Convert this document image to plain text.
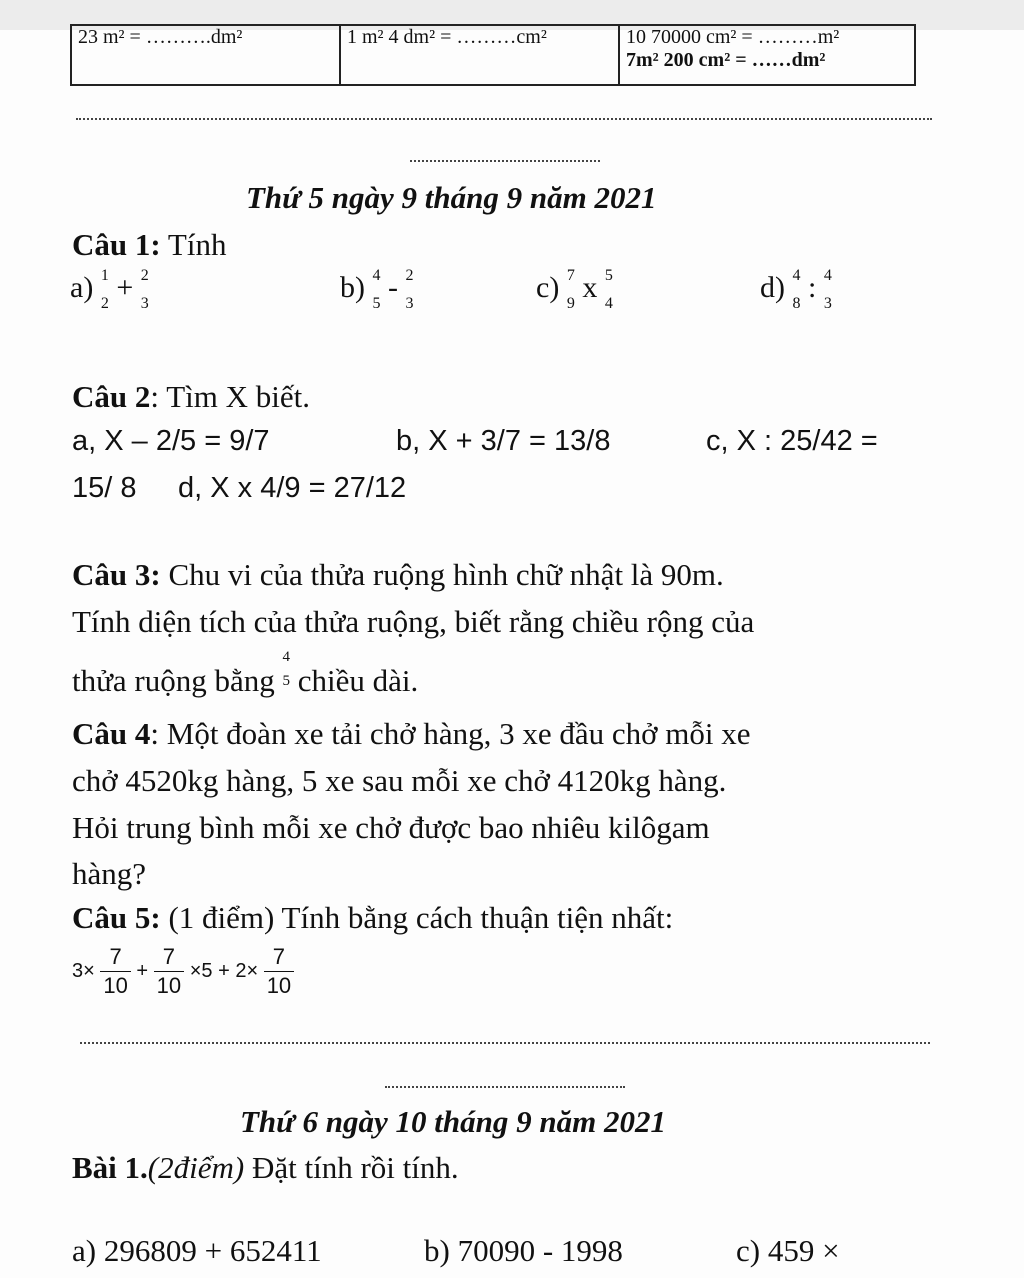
23 m² = ……….dm²	1 m² 4 dm² = ………cm²	10 70000 cm² = ………m²
7m² 200 cm² = ……dm²
Thứ 5 ngày 9 tháng 9 năm 2021
Câu 1: Tính
a) 1
2 + 2
3	b) 4
5 - 2
3	c) 7
9 x 5
4	d) 4
8 : 4
3
Câu 2: Tìm X biết.
a, X – 2/5 = 9/7	b, X + 3/7 = 13/8	c, X : 25/42 =
15/ 8 d, X x 4/9 = 27/12
Câu 3: Chu vi của thửa ruộng hình chữ nhật là 90m.
Tính diện tích của thửa ruộng, biết rằng chiều rộng của
thửa ruộng bằng
4
5 chiều dài.
Câu 4: Một đoàn xe tải chở hàng, 3 xe đầu chở mỗi xe
chở 4520kg hàng, 5 xe sau mỗi xe chở 4120kg hàng.
Hỏi trung bình mỗi xe chở được bao nhiêu kilôgam
hàng?
Câu 5: (1 điểm) Tính bằng cách thuận tiện nhất:
$3\times \frac{7}{10} + \frac{7}{10} \times 5 + 2\times \frac{7}{10}$
Thứ 6 ngày 10 tháng 9 năm 2021
Bài 1.(2điểm) Đặt tính rồi tính.
a) 296809 + 652411	b) 70090 - 1998	c) 459 ×
